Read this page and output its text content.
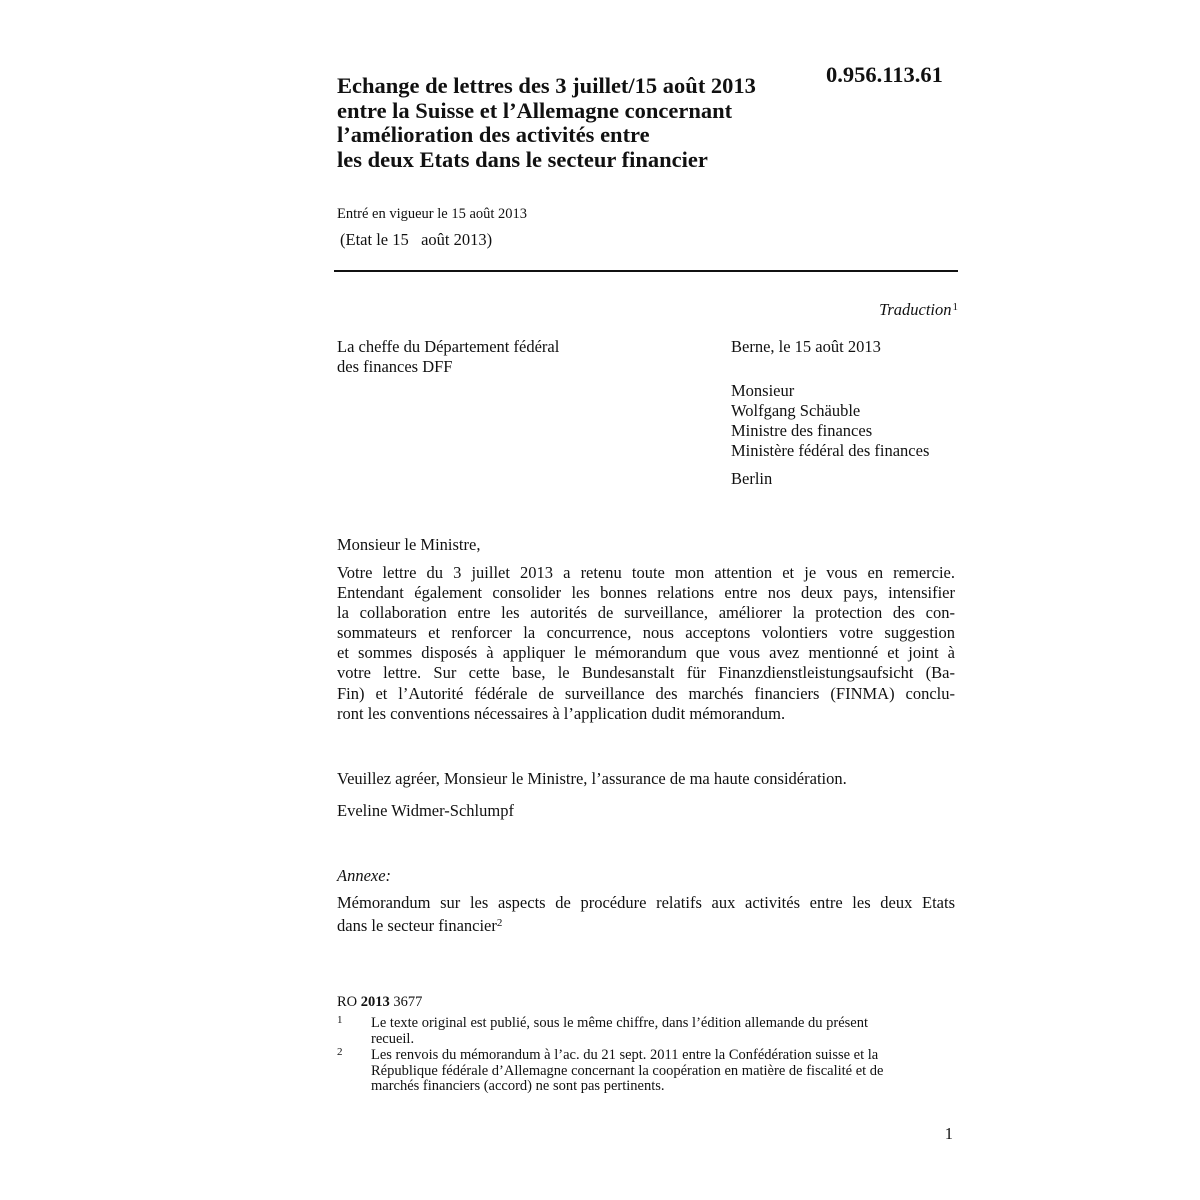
Echange de lettres des 3 juillet/15 août 2013
entre la Suisse et l’Allemagne concernant
l’amélioration des activités entre
les deux Etats dans le secteur financier
0.956.113.61
Entré en vigueur le 15 août 2013
(Etat le 15   août 2013)
Traduction$^1$
La cheffe du Département fédéral
des finances DFF
Berne, le 15 août 2013
Monsieur
Wolfgang Schäuble
Ministre des finances
Ministère fédéral des finances
Berlin
Monsieur le Ministre,
Votre lettre du 3 juillet 2013 a retenu toute mon attention et je vous en remercie.
Entendant également consolider les bonnes relations entre nos deux pays, intensifier
la collaboration entre les autorités de surveillance, améliorer la protection des con-
sommateurs et renforcer la concurrence, nous acceptons volontiers votre suggestion
et sommes disposés à appliquer le mémorandum que vous avez mentionné et joint à
votre lettre. Sur cette base, le Bundesanstalt für Finanzdienstleistungsaufsicht (Ba-
Fin) et l’Autorité fédérale de surveillance des marchés financiers (FINMA) conclu-
ront les conventions nécessaires à l’application dudit mémorandum.
Veuillez agréer, Monsieur le Ministre, l’assurance de ma haute considération.
Eveline Widmer-Schlumpf
Annexe:
Mémorandum sur les aspects de procédure relatifs aux activités entre les deux Etats
dans le secteur financier$^2$
RO 2013 3677
1 Le texte original est publié, sous le même chiffre, dans l’édition allemande du présent
recueil.
2 Les renvois du mémorandum à l’ac. du 21 sept. 2011 entre la Confédération suisse et la
République fédérale d’Allemagne concernant la coopération en matière de fiscalité et de
marchés financiers (accord) ne sont pas pertinents.
1
